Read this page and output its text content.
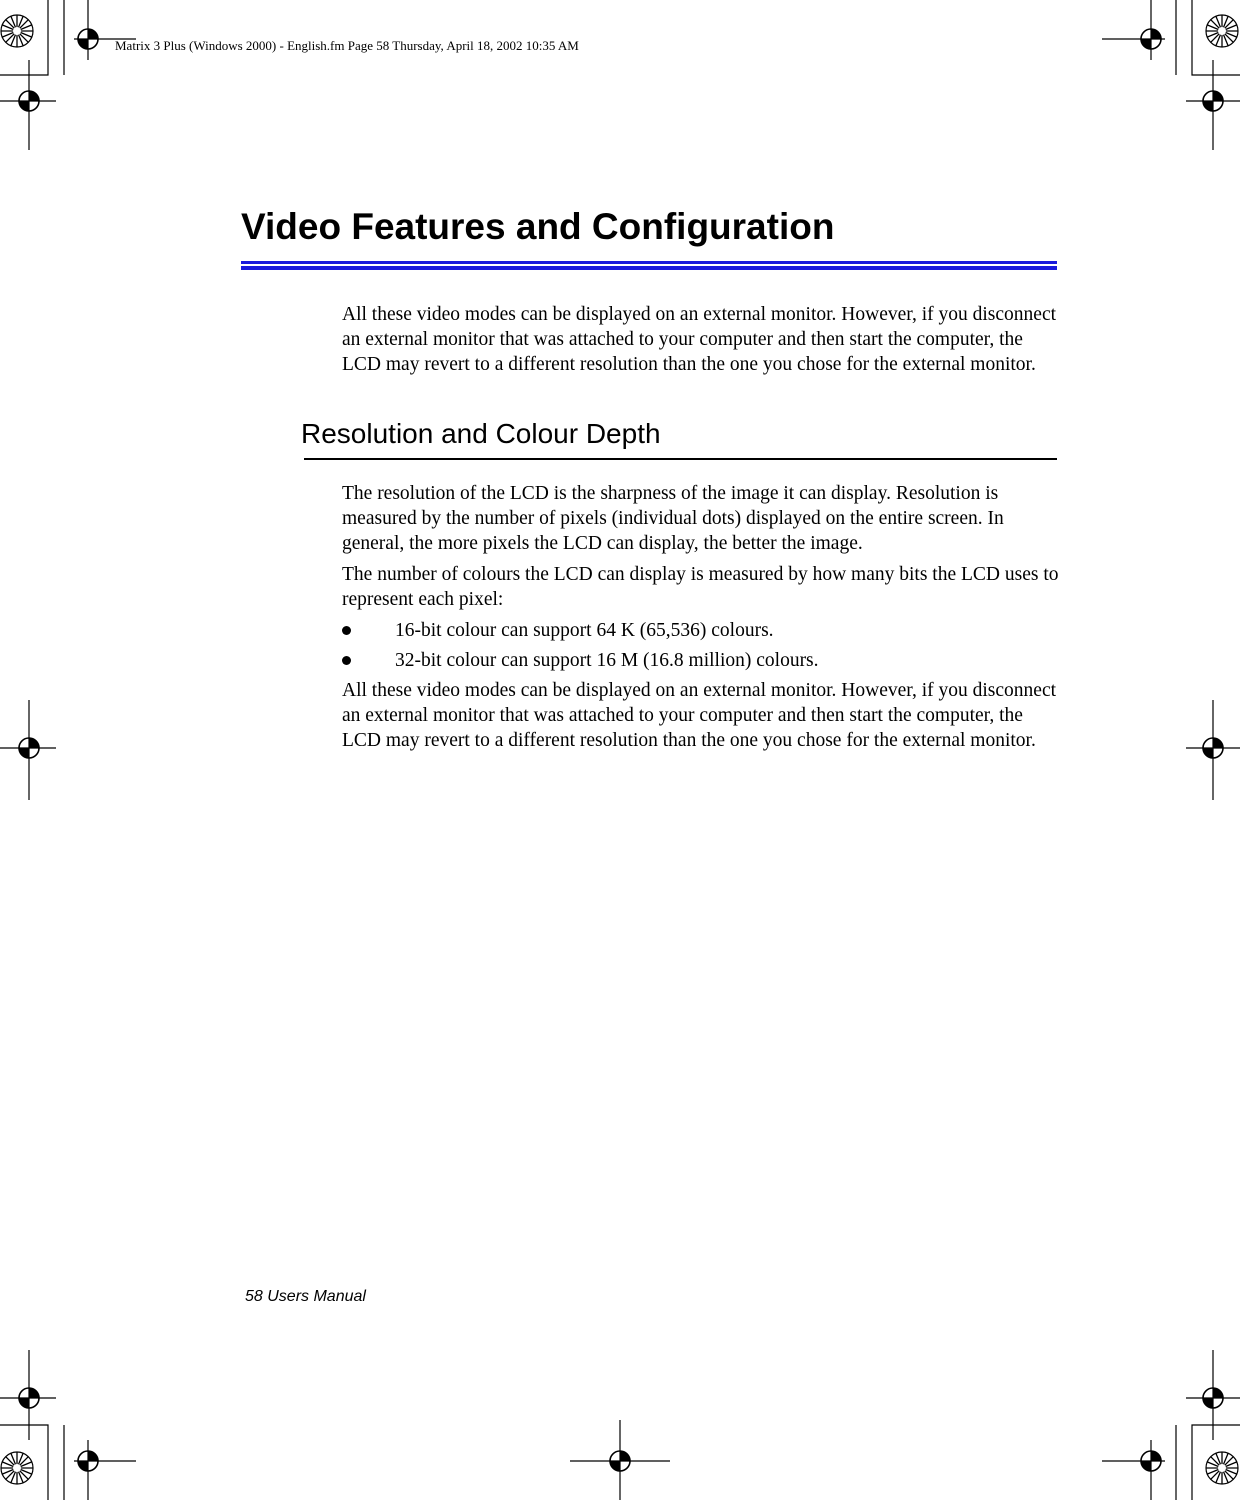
Matrix 3 Plus (Windows 2000) - English.fm Page 58 Thursday, April 18, 2002 10:35 AM
Video Features and Configuration

All these video modes can be displayed on an external monitor. However, if you disconnect an external monitor that was attached to your computer and then start the computer, the LCD may revert to a different resolution than the one you chose for the external monitor.

Resolution and Colour Depth

The resolution of the LCD is the sharpness of the image it can display. Resolution is measured by the number of pixels (individual dots) displayed on the entire screen. In general, the more pixels the LCD can display, the better the image.

The number of colours the LCD can display is measured by how many bits the LCD uses to represent each pixel:

16-bit colour can support 64 K (65,536) colours.
32-bit colour can support 16 M (16.8 million) colours.

All these video modes can be displayed on an external monitor. However, if you disconnect an external monitor that was attached to your computer and then start the computer, the LCD may revert to a different resolution than the one you chose for the external monitor.

58 Users Manual
